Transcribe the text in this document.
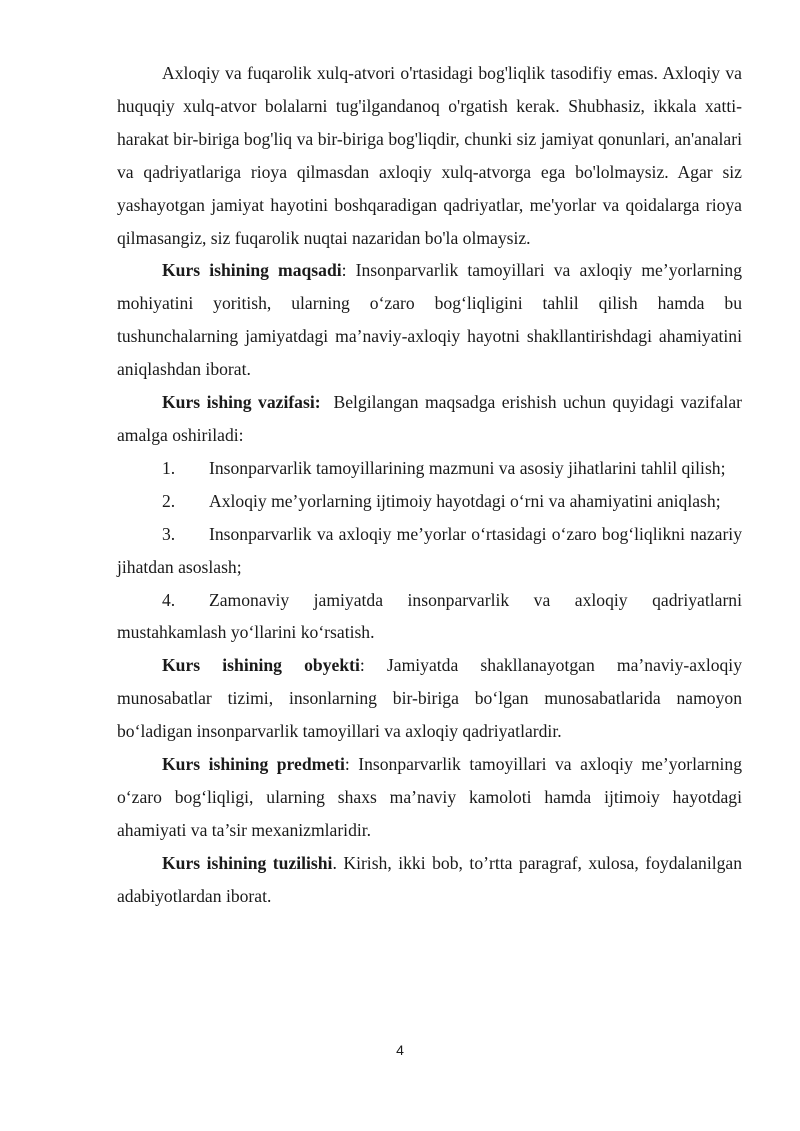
Axloqiy va fuqarolik xulq-atvori o'rtasidagi bog'liqlik tasodifiy emas. Axloqiy va huquqiy xulq-atvor bolalarni tug'ilgandanoq o'rgatish kerak. Shubhasiz, ikkala xatti-harakat bir-biriga bog'liq va bir-biriga bog'liqdir, chunki siz jamiyat qonunlari, an'analari va qadriyatlariga rioya qilmasdan axloqiy xulq-atvorga ega bo'lolmaysiz. Agar siz yashayotgan jamiyat hayotini boshqaradigan qadriyatlar, me'yorlar va qoidalarga rioya qilmasangiz, siz fuqarolik nuqtai nazaridan bo'la olmaysiz.

Kurs ishining maqsadi: Insonparvarlik tamoyillari va axloqiy me’yorlarning mohiyatini yoritish, ularning o‘zaro bog‘liqligini tahlil qilish hamda bu tushunchalarning jamiyatdagi ma’naviy-axloqiy hayotni shakllantirishdagi ahamiyatini aniqlashdan iborat.

Kurs ishing vazifasi:  Belgilangan maqsadga erishish uchun quyidagi vazifalar amalga oshiriladi:

1. Insonparvarlik tamoyillarining mazmuni va asosiy jihatlarini tahlil qilish;

2. Axloqiy me’yorlarning ijtimoiy hayotdagi o‘rni va ahamiyatini aniqlash;

3. Insonparvarlik va axloqiy me’yorlar o‘rtasidagi o‘zaro bog‘liqlikni nazariy jihatdan asoslash;

4. Zamonaviy jamiyatda insonparvarlik va axloqiy qadriyatlarni mustahkamlash yo‘llarini ko‘rsatish.

Kurs ishining obyekti: Jamiyatda shakllanayotgan ma’naviy-axloqiy munosabatlar tizimi, insonlarning bir-biriga bo‘lgan munosabatlarida namoyon bo‘ladigan insonparvarlik tamoyillari va axloqiy qadriyatlardir.

Kurs ishining predmeti: Insonparvarlik tamoyillari va axloqiy me’yorlarning o‘zaro bog‘liqligi, ularning shaxs ma’naviy kamoloti hamda ijtimoiy hayotdagi ahamiyati va ta’sir mexanizmlaridir.

Kurs ishining tuzilishi. Kirish, ikki bob, to’rtta paragraf, xulosa, foydalanilgan adabiyotlardan iborat.

4
